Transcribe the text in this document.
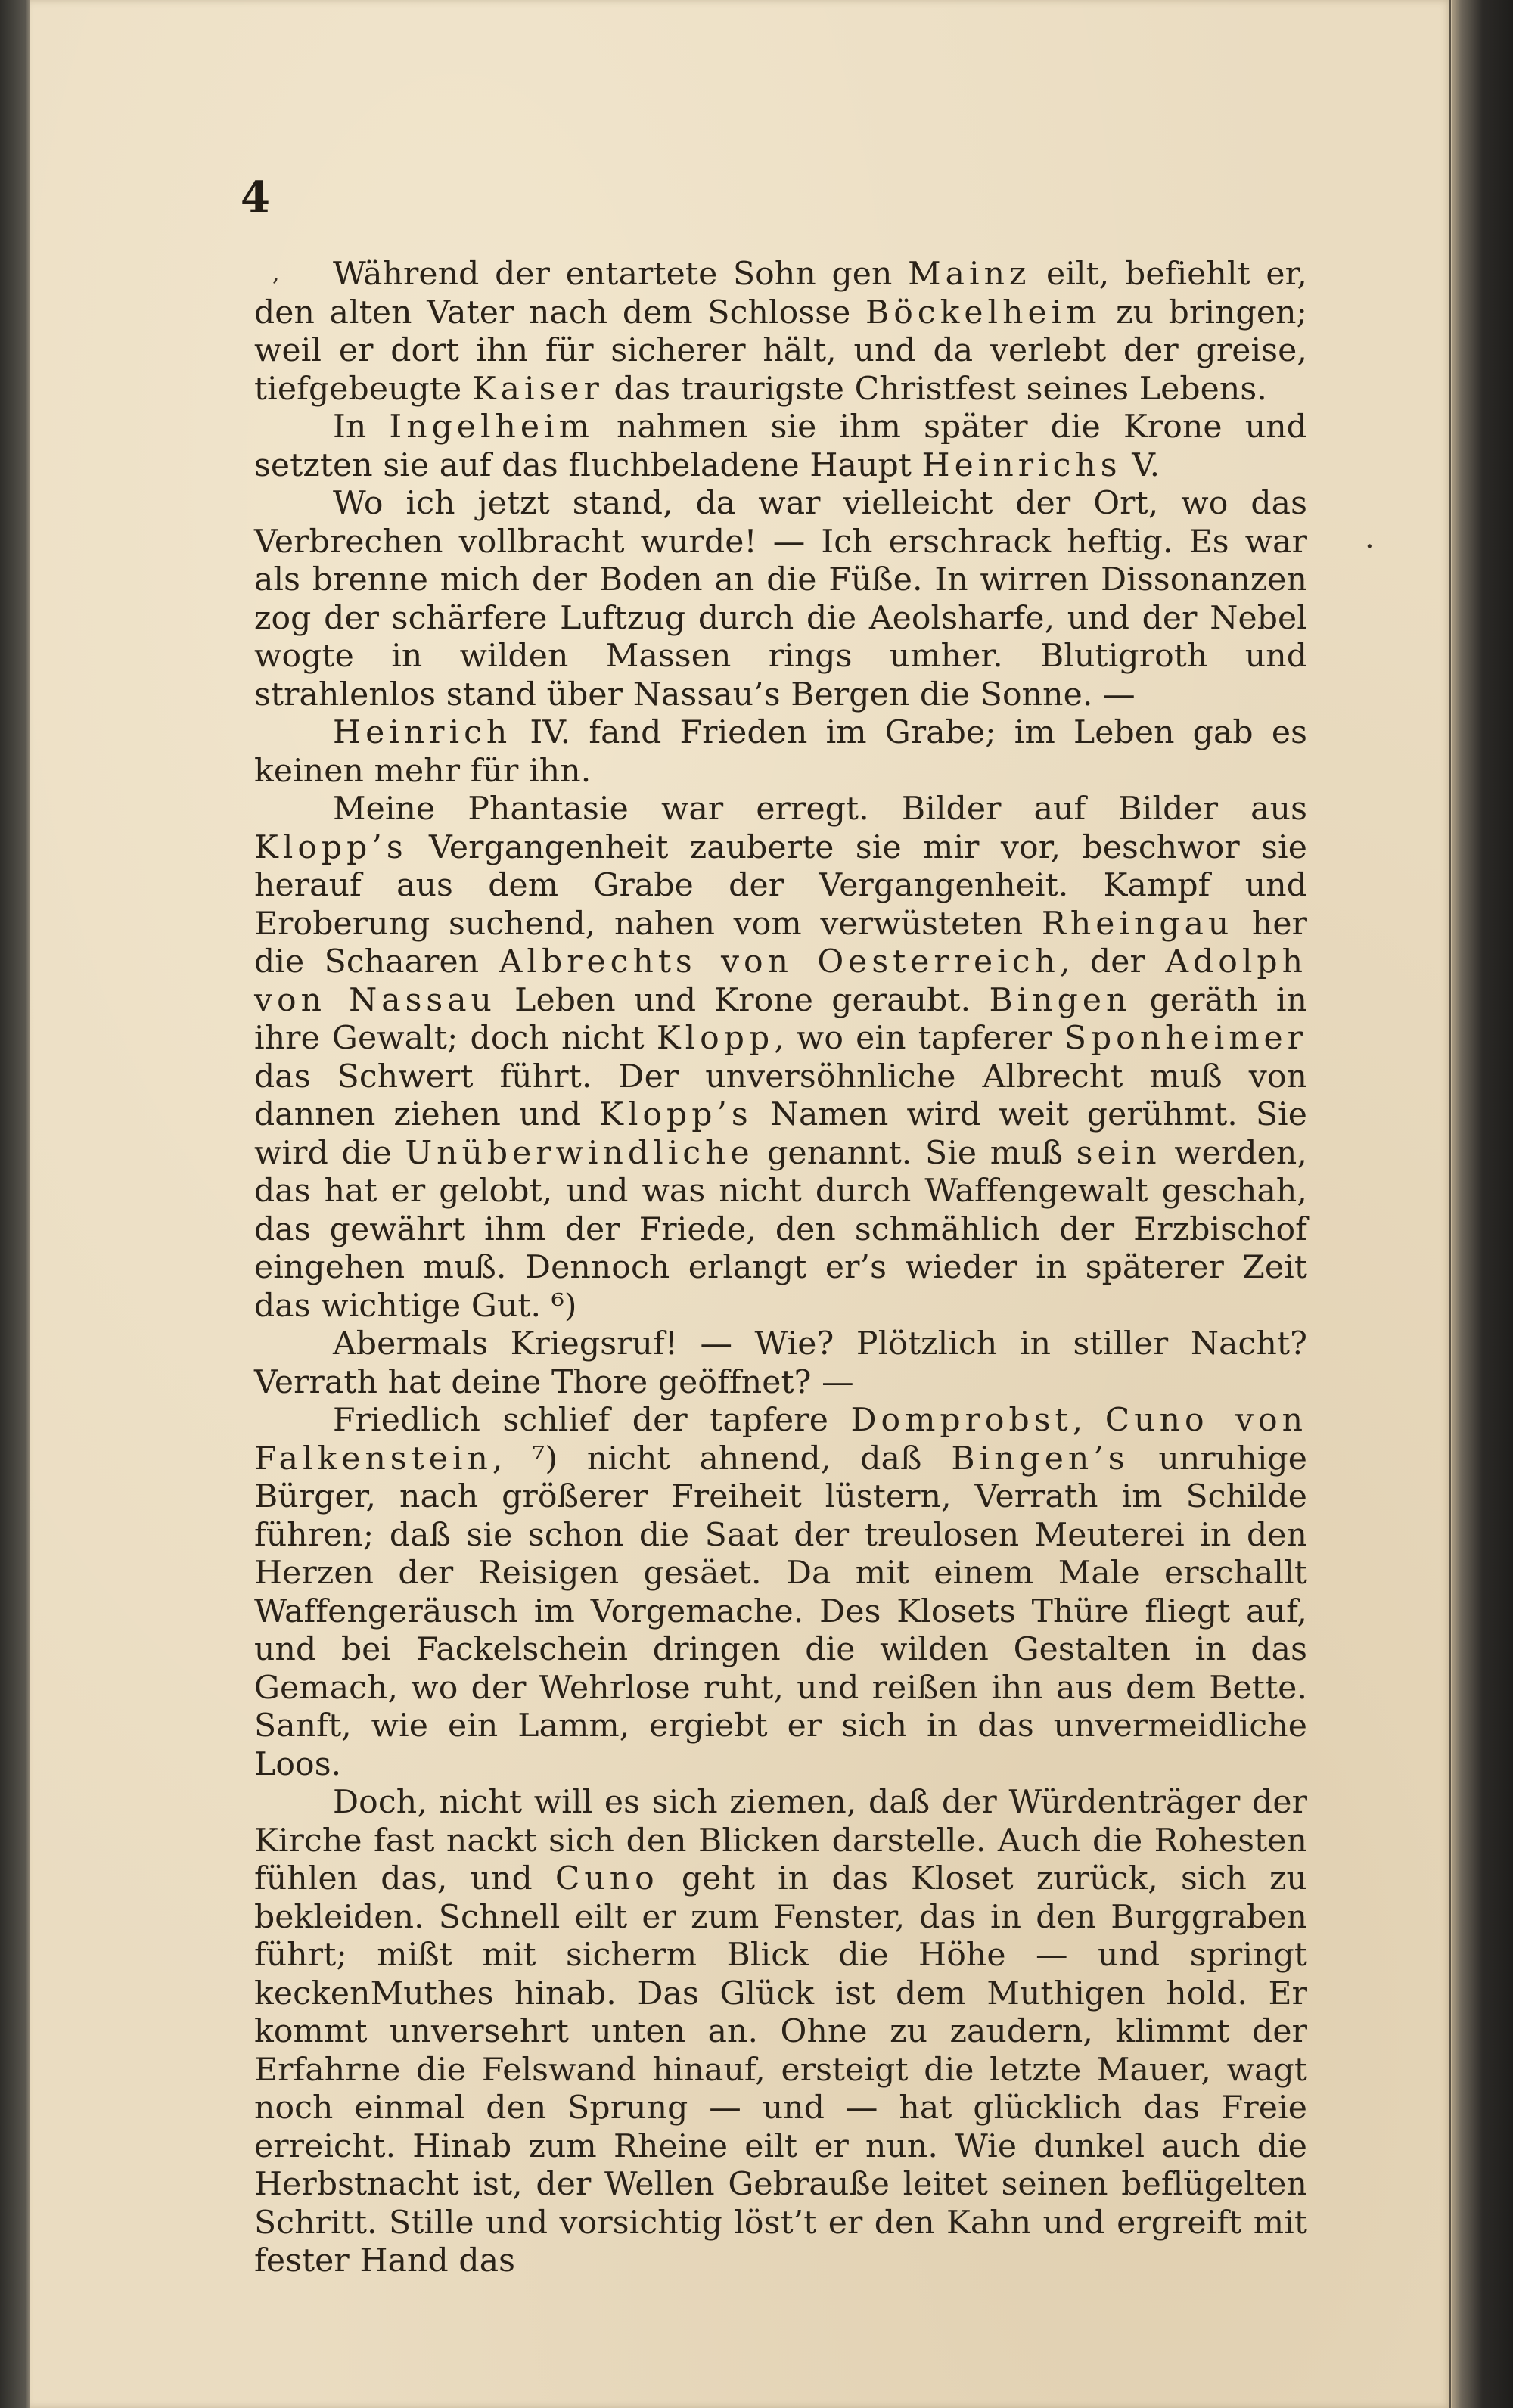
4

Während der entartete Sohn gen Mainz eilt, befiehlt er, den alten Vater nach dem Schlosse Böckelheim zu bringen; weil er dort ihn für sicherer hält, und da verlebt der greise, tiefgebeugte Kaiser das traurigste Christfest seines Lebens.

In Ingelheim nahmen sie ihm später die Krone und setzten sie auf das fluchbeladene Haupt Heinrichs V.

Wo ich jetzt stand, da war vielleicht der Ort, wo das Verbrechen vollbracht wurde! — Ich erschrack heftig. Es war als brenne mich der Boden an die Füße. In wirren Dissonanzen zog der schärfere Luftzug durch die Aeolsharfe, und der Nebel wogte in wilden Massen rings umher. Blutigroth und strahlenlos stand über Nassau’s Bergen die Sonne. —

Heinrich IV. fand Frieden im Grabe; im Leben gab es keinen mehr für ihn.

Meine Phantasie war erregt. Bilder auf Bilder aus Klopp’s Vergangenheit zauberte sie mir vor, beschwor sie herauf aus dem Grabe der Vergangenheit. Kampf und Eroberung suchend, nahen vom verwüsteten Rheingau her die Schaaren Albrechts von Oesterreich, der Adolph von Nassau Leben und Krone geraubt. Bingen geräth in ihre Gewalt; doch nicht Klopp, wo ein tapferer Sponheimer das Schwert führt. Der unversöhnliche Albrecht muß von dannen ziehen und Klopp’s Namen wird weit gerühmt. Sie wird die Unüberwindliche genannt. Sie muß sein werden, das hat er gelobt, und was nicht durch Waffengewalt geschah, das gewährt ihm der Friede, den schmählich der Erzbischof eingehen muß. Dennoch erlangt er’s wieder in späterer Zeit das wichtige Gut. ⁶)

Abermals Kriegsruf! — Wie? Plötzlich in stiller Nacht? Verrath hat deine Thore geöffnet? —

Friedlich schlief der tapfere Domprobst, Cuno von Falkenstein, ⁷) nicht ahnend, daß Bingen’s unruhige Bürger, nach größerer Freiheit lüstern, Verrath im Schilde führen; daß sie schon die Saat der treulosen Meuterei in den Herzen der Reisigen gesäet. Da mit einem Male erschallt Waffengeräusch im Vorgemache. Des Klosets Thüre fliegt auf, und bei Fackelschein dringen die wilden Gestalten in das Gemach, wo der Wehrlose ruht, und reißen ihn aus dem Bette. Sanft, wie ein Lamm, ergiebt er sich in das unvermeidliche Loos.

Doch, nicht will es sich ziemen, daß der Würdenträger der Kirche fast nackt sich den Blicken darstelle. Auch die Rohesten fühlen das, und Cuno geht in das Kloset zurück, sich zu bekleiden. Schnell eilt er zum Fenster, das in den Burggraben führt; mißt mit sicherm Blick die Höhe — und springt keckenMuthes hinab. Das Glück ist dem Muthigen hold. Er kommt unversehrt unten an. Ohne zu zaudern, klimmt der Erfahrne die Felswand hinauf, ersteigt die letzte Mauer, wagt noch einmal den Sprung — und — hat glücklich das Freie erreicht. Hinab zum Rheine eilt er nun. Wie dunkel auch die Herbstnacht ist, der Wellen Gebrauße leitet seinen beflügelten Schritt. Stille und vorsichtig löst’t er den Kahn und ergreift mit fester Hand das

,
·
